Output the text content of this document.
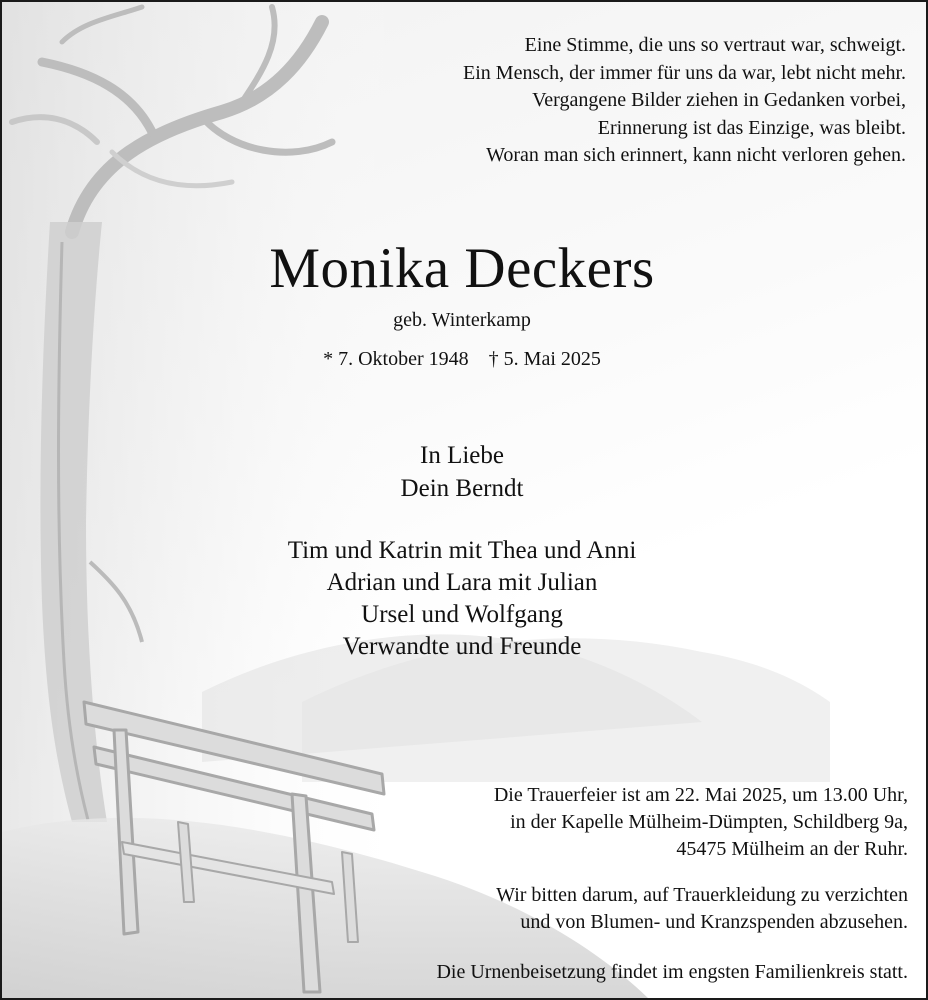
Eine Stimme, die uns so vertraut war, schweigt.
Ein Mensch, der immer für uns da war, lebt nicht mehr.
Vergangene Bilder ziehen in Gedanken vorbei,
Erinnerung ist das Einzige, was bleibt.
Woran man sich erinnert, kann nicht verloren gehen.
Monika Deckers
geb. Winterkamp
* 7. Oktober 1948 † 5. Mai 2025
In Liebe
Dein Berndt
Tim und Katrin mit Thea und Anni
Adrian und Lara mit Julian
Ursel und Wolfgang
Verwandte und Freunde
Die Trauerfeier ist am 22. Mai 2025, um 13.00 Uhr,
in der Kapelle Mülheim-Dümpten, Schildberg 9a,
45475 Mülheim an der Ruhr.
Wir bitten darum, auf Trauerkleidung zu verzichten
und von Blumen- und Kranzspenden abzusehen.
Die Urnenbeisetzung findet im engsten Familienkreis statt.
